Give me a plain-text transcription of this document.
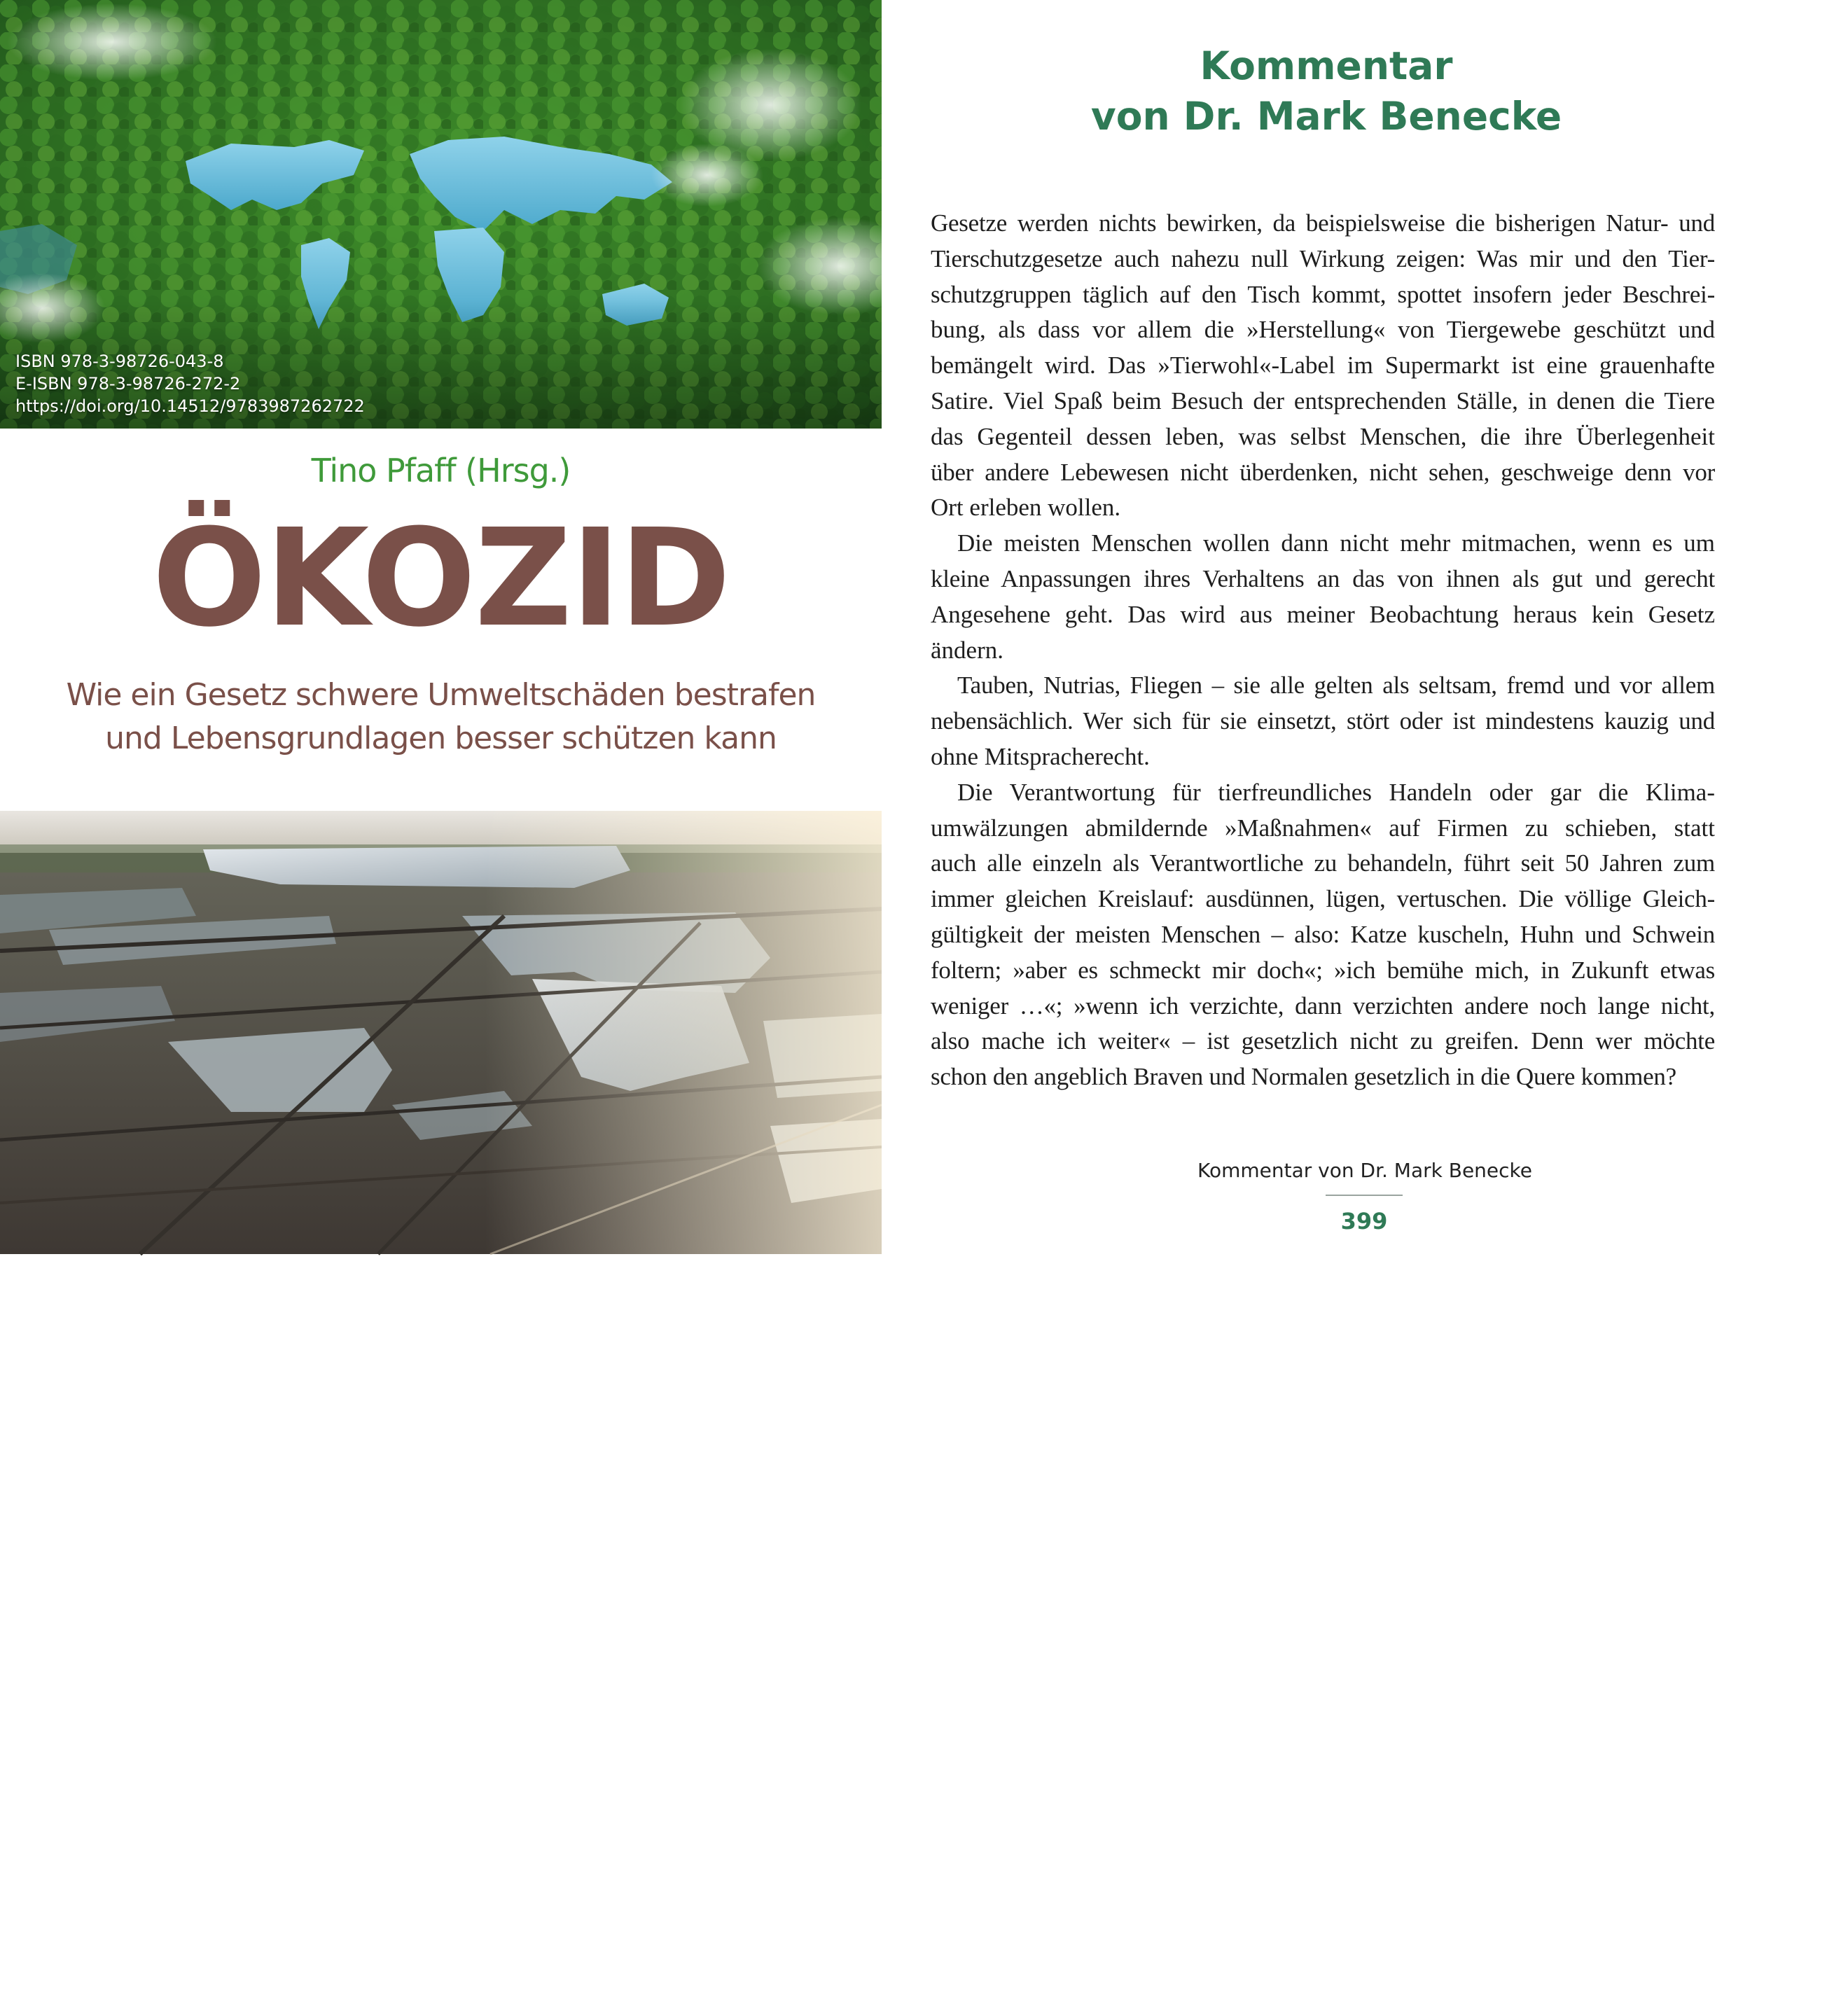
ISBN 978-3-98726-043-8
E-ISBN 978-3-98726-272-2
https://doi.org/10.14512/9783987262722
Tino Pfaff (Hrsg.)
ÖKOZID
Wie ein Gesetz schwere Umweltschäden bestrafen
und Lebensgrundlagen besser schützen kann
oekom
Kommentar
von Dr. Mark Benecke

Gesetze werden nichts bewirken, da beispielsweise die bisherigen Natur- und

Tierschutzgesetze auch nahezu null Wirkung zeigen: Was mir und den Tier-

schutzgruppen täglich auf den Tisch kommt, spottet insofern jeder Beschrei-

bung, als dass vor allem die »Herstellung« von Tiergewebe geschützt und

bemängelt wird. Das »Tierwohl«-Label im Supermarkt ist eine grauenhafte

Satire. Viel Spaß beim Besuch der entsprechenden Ställe, in denen die Tiere

das Gegenteil dessen leben, was selbst Menschen, die ihre Überlegenheit

über andere Lebewesen nicht überdenken, nicht sehen, geschweige denn vor

Ort erleben wollen.

Die meisten Menschen wollen dann nicht mehr mitmachen, wenn es um

kleine Anpassungen ihres Verhaltens an das von ihnen als gut und gerecht

Angesehene geht. Das wird aus meiner Beobachtung heraus kein Gesetz

ändern.

Tauben, Nutrias, Fliegen – sie alle gelten als seltsam, fremd und vor allem

nebensächlich. Wer sich für sie einsetzt, stört oder ist mindestens kauzig und

ohne Mitspracherecht.

Die Verantwortung für tierfreundliches Handeln oder gar die Klima-

umwälzungen abmildernde »Maßnahmen« auf Firmen zu schieben, statt

auch alle einzeln als Verantwortliche zu behandeln, führt seit 50 Jahren zum

immer gleichen Kreislauf: ausdünnen, lügen, vertuschen. Die völlige Gleich-

gültigkeit der meisten Menschen – also: Katze kuscheln, Huhn und Schwein

foltern; »aber es schmeckt mir doch«; »ich bemühe mich, in Zukunft etwas

weniger …«; »wenn ich verzichte, dann verzichten andere noch lange nicht,

also mache ich weiter« – ist gesetzlich nicht zu greifen. Denn wer möchte

schon den angeblich Braven und Normalen gesetzlich in die Quere kommen?

Kommentar von Dr. Mark Benecke
399
